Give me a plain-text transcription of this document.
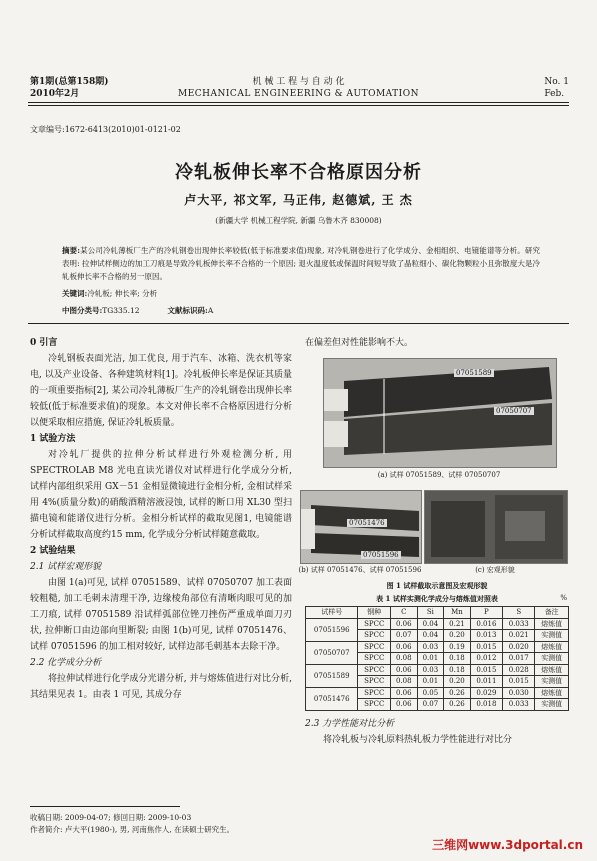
第1期(总第158期)
2010年2月
机 械 工 程 与 自 动 化
MECHANICAL ENGINEERING & AUTOMATION
No. 1
Feb.
文章编号:1672-6413(2010)01-0121-02
冷轧板伸长率不合格原因分析
卢大平, 祁文军, 马正伟, 赵德斌, 王 杰
(新疆大学 机械工程学院, 新疆 乌鲁木齐 830008)
摘要:某公司冷轧薄板厂生产的冷轧钢卷出现伸长率较低(低于标准要求值)现象, 对冷轧钢卷进行了化学成分、金相组织、电镜能谱等分析。研究表明: 拉伸试样侧边的加工刀痕是导致冷轧板伸长率不合格的一个原因; 退火温度低或保温时间短导致了晶粒细小、碳化物颗粒小且弥散度大是冷轧板伸长率不合格的另一原因。
关键词:冷轧板; 伸长率; 分析
中图分类号:TG335.12	文献标识码:A
0 引言
冷轧钢板表面光洁, 加工优良, 用于汽车、冰箱、洗衣机等家电, 以及产业设备、各种建筑材料[1]。冷轧板伸长率是保证其质量的一项重要指标[2], 某公司冷轧薄板厂生产的冷轧钢卷出现伸长率较低(低于标准要求值)的现象。本文对伸长率不合格原因进行分析以便采取相应措施, 保证冷轧板质量。
1 试验方法
对冷轧厂提供的拉伸分析试样进行外观检测分析, 用 SPECTROLAB M8 光电直读光谱仪对试样进行化学成分分析, 试样内部组织采用 GX－51 金相显微镜进行金相分析, 金相试样采用 4%(质量分数)的硝酸酒精溶液浸蚀, 试样的断口用 XL30 型扫描电镜和能谱仪进行分析。金相分析试样的截取见图1, 电镜能谱分析试样截取高度约15 mm, 化学成分分析试样随意截取。
2 试验结果
2.1 试样宏观形貌
由图 1(a)可见, 试样 07051589、试样 07050707 加工表面较粗糙, 加工毛刺未清理干净, 边缘棱角部位有清晰肉眼可见的加工刀痕, 试样 07051589 沿试样弧部位锉刀挫伤严重成单面刀刃状, 拉伸断口由边部向里断裂; 由图 1(b)可见, 试样 07051476、试样 07051596 的加工相对较好, 试样边部毛刺基本去除干净。
2.2 化学成分分析
将拉伸试样进行化学成分光谱分析, 并与熔炼值进行对比分析, 其结果见表 1。由表 1 可见, 其成分存
在偏差但对性能影响不大。
07051589
07050707
(a) 试样 07051589、试样 07050707
07051476
07051596
(b) 试样 07051476、试样 07051596	(c) 宏观形貌
图 1 试样截取示意图及宏观形貌
表 1 试样实测化学成分与熔炼值对照表	%
试样号	钢种	C	Si	Mn	P	S	备注
07051596	SPCC	0.06	0.04	0.21	0.016	0.033	熔炼值
	SPCC	0.07	0.04	0.20	0.013	0.021	实测值
07050707	SPCC	0.06	0.03	0.19	0.015	0.020	熔炼值
	SPCC	0.08	0.01	0.18	0.012	0.017	实测值
07051589	SPCC	0.06	0.03	0.18	0.015	0.028	熔炼值
	SPCC	0.08	0.01	0.20	0.011	0.015	实测值
07051476	SPCC	0.06	0.05	0.26	0.029	0.030	熔炼值
	SPCC	0.06	0.07	0.26	0.018	0.033	实测值
2.3 力学性能对比分析
将冷轧板与冷轧原料热轧板力学性能进行对比分
收稿日期: 2009-04-07; 修回日期: 2009-10-03
作者简介: 卢大平(1980-), 男, 河南焦作人, 在读硕士研究生。
三维网www.3dportal.cn
